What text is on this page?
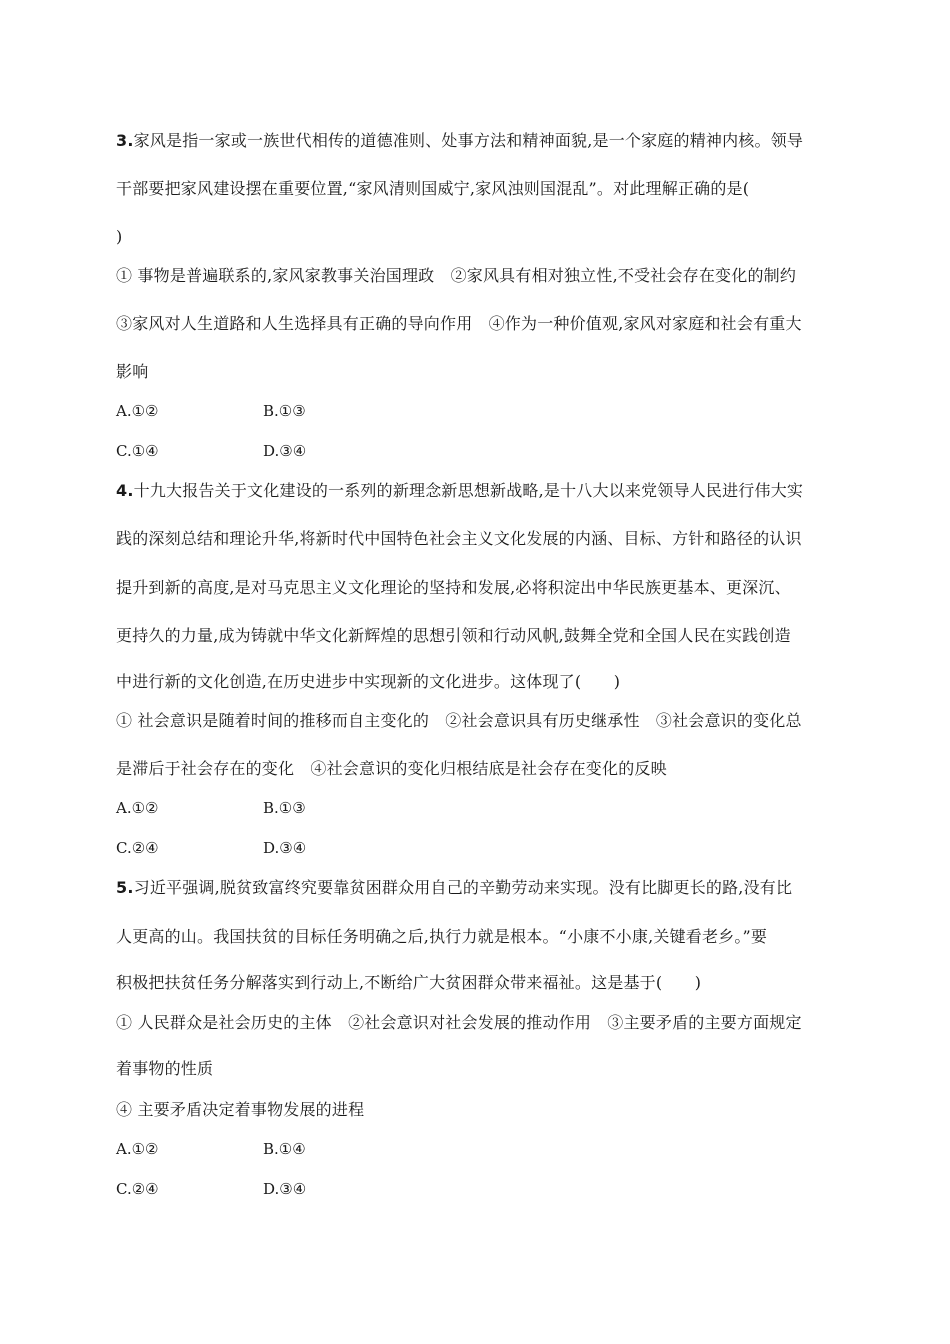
3.家风是指一家或一族世代相传的道德准则、处事方法和精神面貌,是一个家庭的精神内核。领导
干部要把家风建设摆在重要位置,“家风清则国威宁,家风浊则国混乱”。对此理解正确的是(
)
① 事物是普遍联系的,家风家教事关治国理政　②家风具有相对独立性,不受社会存在变化的制约
③家风对人生道路和人生选择具有正确的导向作用　④作为一种价值观,家风对家庭和社会有重大
影响
A.①②	B.①③
C.①④	D.③④
4.十九大报告关于文化建设的一系列的新理念新思想新战略,是十八大以来党领导人民进行伟大实
践的深刻总结和理论升华,将新时代中国特色社会主义文化发展的内涵、目标、方针和路径的认识
提升到新的高度,是对马克思主义文化理论的坚持和发展,必将积淀出中华民族更基本、更深沉、
更持久的力量,成为铸就中华文化新辉煌的思想引领和行动风帆,鼓舞全党和全国人民在实践创造
中进行新的文化创造,在历史进步中实现新的文化进步。这体现了(　　)
① 社会意识是随着时间的推移而自主变化的　②社会意识具有历史继承性　③社会意识的变化总
是滞后于社会存在的变化　④社会意识的变化归根结底是社会存在变化的反映
A.①②	B.①③
C.②④	D.③④
5.习近平强调,脱贫致富终究要靠贫困群众用自己的辛勤劳动来实现。没有比脚更长的路,没有比
人更高的山。我国扶贫的目标任务明确之后,执行力就是根本。“小康不小康,关键看老乡。”要
积极把扶贫任务分解落实到行动上,不断给广大贫困群众带来福祉。这是基于(　　)
① 人民群众是社会历史的主体　②社会意识对社会发展的推动作用　③主要矛盾的主要方面规定
着事物的性质
④ 主要矛盾决定着事物发展的进程
A.①②	B.①④
C.②④	D.③④
